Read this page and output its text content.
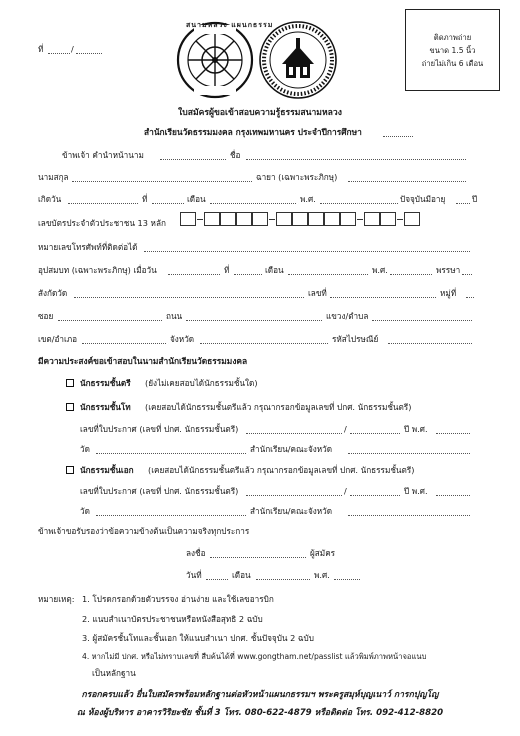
ที่	/
สนามหลวง แผนกธรรม
ติดภาพถ่าย
ขนาด 1.5 นิ้ว
ถ่ายไม่เกิน 6 เดือน
ใบสมัครผู้ขอเข้าสอบความรู้ธรรมสนามหลวง
สำนักเรียนวัดธรรมมงคล กรุงเทพมหานคร ประจำปีการศึกษา
ข้าพเจ้า คำนำหน้านาม	ชื่อ
นามสกุล	ฉายา (เฉพาะพระภิกษุ)
เกิดวัน	ที่	เดือน	พ.ศ.	ปัจจุบันมีอายุ	ปี
เลขบัตรประจำตัวประชาชน 13 หลัก
หมายเลขโทรศัพท์ที่ติดต่อได้
อุปสมบท (เฉพาะพระภิกษุ) เมื่อวัน	ที่	เดือน	พ.ศ.	พรรษา
สังกัดวัด	เลขที่	หมู่ที่
ซอย	ถนน	แขวง/ตำบล
เขต/อำเภอ	จังหวัด	รหัสไปรษณีย์
มีความประสงค์ขอเข้าสอบในนามสำนักเรียนวัดธรรมมงคล
นักธรรมชั้นตรี (ยังไม่เคยสอบได้นักธรรมชั้นใด)
นักธรรมชั้นโท (เคยสอบได้นักธรรมชั้นตรีแล้ว กรุณากรอกข้อมูลเลขที่ ปกศ. นักธรรมชั้นตรี)
เลขที่ใบประกาศ (เลขที่ ปกศ. นักธรรมชั้นตรี)	/	ปี พ.ศ.
วัด	สำนักเรียน/คณะจังหวัด
นักธรรมชั้นเอก (เคยสอบได้นักธรรมชั้นตรีแล้ว กรุณากรอกข้อมูลเลขที่ ปกศ. นักธรรมชั้นตรี)
เลขที่ใบประกาศ (เลขที่ ปกศ. นักธรรมชั้นตรี)	/	ปี พ.ศ.
วัด	สำนักเรียน/คณะจังหวัด
ข้าพเจ้าขอรับรองว่าข้อความข้างต้นเป็นความจริงทุกประการ
ลงชื่อ	ผู้สมัคร
วันที่	เดือน	พ.ศ.
หมายเหตุ: 1. โปรดกรอกด้วยตัวบรรจง อ่านง่าย และใช้เลขอารบิก
2. แนบสำเนาบัตรประชาชนหรือหนังสือสุทธิ 2 ฉบับ
3. ผู้สมัครชั้นโทและชั้นเอก ให้แนบสำเนา ปกศ. ชั้นปัจจุบัน 2 ฉบับ
4. หากไม่มี ปกศ. หรือไม่ทราบเลขที่ สืบค้นได้ที่ www.gongtham.net/passlist แล้วพิมพ์ภาพหน้าจอแนบ
เป็นหลักฐาน
กรอกครบแล้ว ยื่นใบสมัครพร้อมหลักฐานต่อหัวหน้าแผนกธรรมฯ พระครูสมุห์บุญเนาว์ การกปุญโญ
ณ ห้องผู้บริหาร อาคารวิริยะชัย ชั้นที่ 3 โทร. 080-622-4879 หรือติดต่อ โทร. 092-412-8820
